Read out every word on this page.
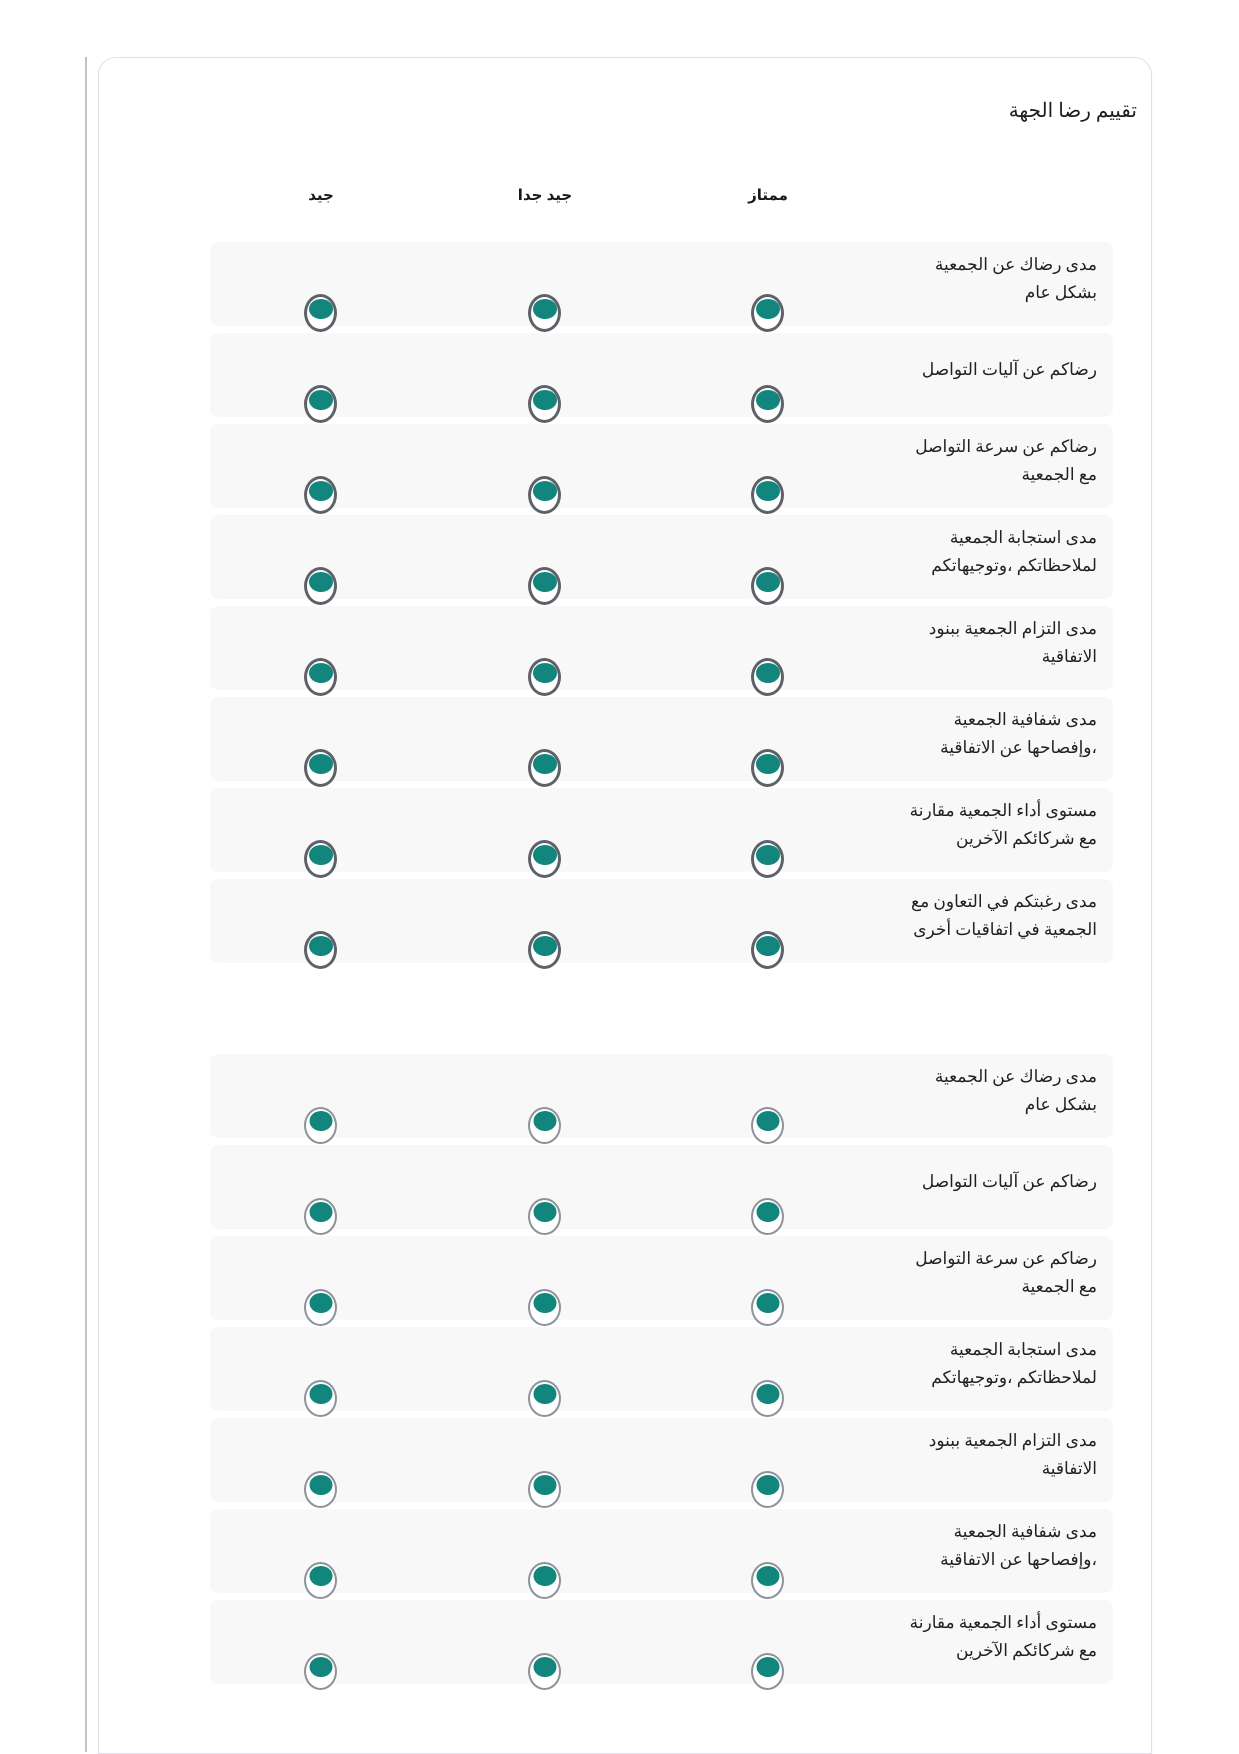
تقييم رضا الجهة
ممتاز
جيد جدا
جيد
مدى رضاك عن الجمعية
بشكل عام
رضاكم عن آليات التواصل
رضاكم عن سرعة التواصل
مع الجمعية
مدى استجابة الجمعية
لملاحظاتكم ،وتوجيهاتكم
مدى التزام الجمعية ببنود
الاتفاقية
مدى شفافية الجمعية
،وإفصاحها عن الاتفاقية
مستوى أداء الجمعية مقارنة
مع شركائكم الآخرين
مدى رغبتكم في التعاون مع
الجمعية في اتفاقيات أخرى
مدى رضاك عن الجمعية
بشكل عام
رضاكم عن آليات التواصل
رضاكم عن سرعة التواصل
مع الجمعية
مدى استجابة الجمعية
لملاحظاتكم ،وتوجيهاتكم
مدى التزام الجمعية ببنود
الاتفاقية
مدى شفافية الجمعية
،وإفصاحها عن الاتفاقية
مستوى أداء الجمعية مقارنة
مع شركائكم الآخرين
